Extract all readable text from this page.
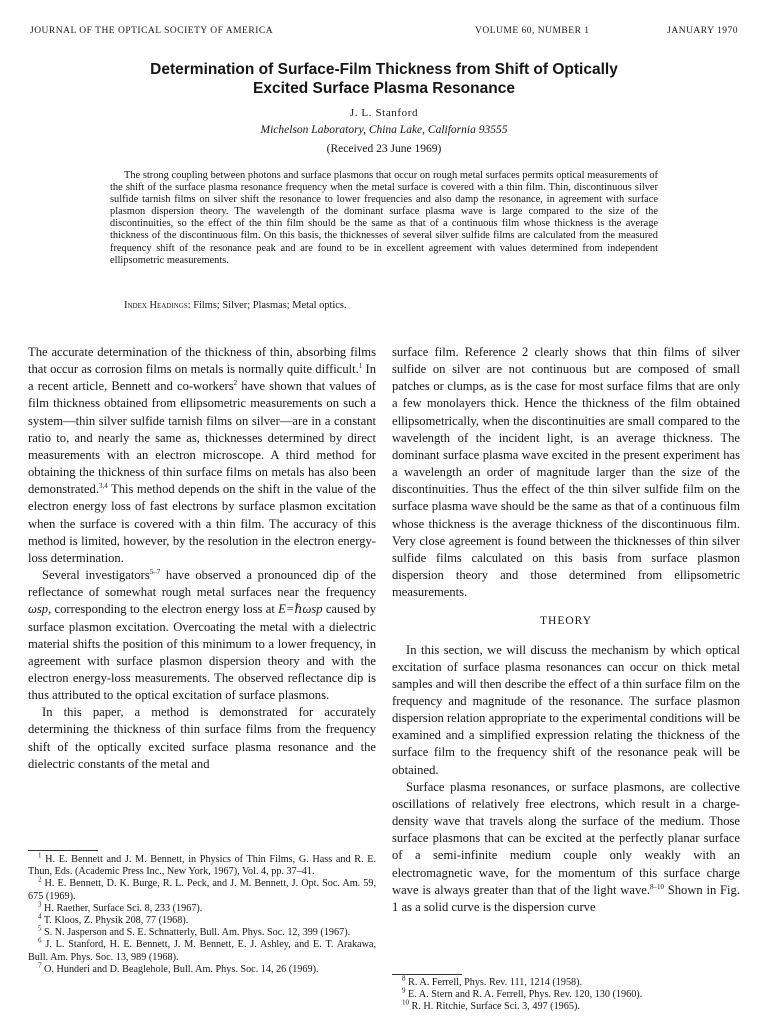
JOURNAL OF THE OPTICAL SOCIETY OF AMERICA	VOLUME 60, NUMBER 1	JANUARY 1970
Determination of Surface-Film Thickness from Shift of Optically
Excited Surface Plasma Resonance
J. L. Stanford
Michelson Laboratory, China Lake, California 93555
(Received 23 June 1969)

The strong coupling between photons and surface plasmons that occur on rough metal surfaces permits optical measurements of the shift of the surface plasma resonance frequency when the metal surface is covered with a thin film. Thin, discontinuous silver sulfide tarnish films on silver shift the resonance to lower frequencies and also damp the resonance, in agreement with surface plasmon dispersion theory. The wavelength of the dominant surface plasma wave is large compared to the size of the discontinuities, so the effect of the thin film should be the same as that of a continuous film whose thickness is the average thickness of the discontinuous film. On this basis, the thicknesses of several silver sulfide films are calculated from the measured frequency shift of the resonance peak and are found to be in excellent agreement with values determined from independent ellipsometric measurements.

Index Headings: Films; Silver; Plasmas; Metal optics.

The accurate determination of the thickness of thin, absorbing films that occur as corrosion films on metals is normally quite difficult.$^1$ In a recent article, Bennett and co-workers$^2$ have shown that values of film thickness obtained from ellipsometric measurements on such a system—thin silver sulfide tarnish films on silver—are in a constant ratio to, and nearly the same as, thicknesses determined by direct measurements with an electron microscope. A third method for obtaining the thickness of thin surface films on metals has also been demonstrated.$^{3,4}$ This method depends on the shift in the value of the electron energy loss of fast electrons by surface plasmon excitation when the surface is covered with a thin film. The accuracy of this method is limited, however, by the resolution in the electron energy-loss determination.

Several investigators$^{5-7}$ have observed a pronounced dip of the reflectance of somewhat rough metal surfaces near the frequency ωsp, corresponding to the electron energy loss at E=ℏωsp caused by surface plasmon excitation. Overcoating the metal with a dielectric material shifts the position of this minimum to a lower frequency, in agreement with surface plasmon dispersion theory and with the electron energy-loss measurements. The observed reflectance dip is thus attributed to the optical excitation of surface plasmons.

In this paper, a method is demonstrated for accurately determining the thickness of thin surface films from the frequency shift of the optically excited surface plasma resonance and the dielectric constants of the metal and

surface film. Reference 2 clearly shows that thin films of silver sulfide on silver are not continuous but are composed of small patches or clumps, as is the case for most surface films that are only a few monolayers thick. Hence the thickness of the film obtained ellipsometrically, when the discontinuities are small compared to the wavelength of the incident light, is an average thickness. The dominant surface plasma wave excited in the present experiment has a wavelength an order of magnitude larger than the size of the discontinuities. Thus the effect of the thin silver sulfide film on the surface plasma wave should be the same as that of a continuous film whose thickness is the average thickness of the discontinuous film. Very close agreement is found between the thicknesses of thin silver sulfide films calculated on this basis from surface plasmon dispersion theory and those determined from ellipsometric measurements.

THEORY

In this section, we will discuss the mechanism by which optical excitation of surface plasma resonances can occur on thick metal samples and will then describe the effect of a thin surface film on the frequency and magnitude of the resonance. The surface plasmon dispersion relation appropriate to the experimental conditions will be examined and a simplified expression relating the thickness of the surface film to the frequency shift of the resonance peak will be obtained.

Surface plasma resonances, or surface plasmons, are collective oscillations of relatively free electrons, which result in a charge-density wave that travels along the surface of the medium. Those surface plasmons that can be excited at the perfectly planar surface of a semi-infinite medium couple only weakly with an electromagnetic wave, for the momentum of this surface charge wave is always greater than that of the light wave.$^{8-10}$ Shown in Fig. 1 as a solid curve is the dispersion curve

$^1$ H. E. Bennett and J. M. Bennett, in Physics of Thin Films, G. Hass and R. E. Thun, Eds. (Academic Press Inc., New York, 1967), Vol. 4, pp. 37–41.

$^2$ H. E. Bennett, D. K. Burge, R. L. Peck, and J. M. Bennett, J. Opt. Soc. Am. 59, 675 (1969).

$^3$ H. Raether, Surface Sci. 8, 233 (1967).

$^4$ T. Kloos, Z. Physik 208, 77 (1968).

$^5$ S. N. Jasperson and S. E. Schnatterly, Bull. Am. Phys. Soc. 12, 399 (1967).

$^6$ J. L. Stanford, H. E. Bennett, J. M. Bennett, E. J. Ashley, and E. T. Arakawa, Bull. Am. Phys. Soc. 13, 989 (1968).

$^7$ O. Hunderi and D. Beaglehole, Bull. Am. Phys. Soc. 14, 26 (1969).

$^8$ R. A. Ferrell, Phys. Rev. 111, 1214 (1958).

$^9$ E. A. Stern and R. A. Ferrell, Phys. Rev. 120, 130 (1960).

$^{10}$ R. H. Ritchie, Surface Sci. 3, 497 (1965).
